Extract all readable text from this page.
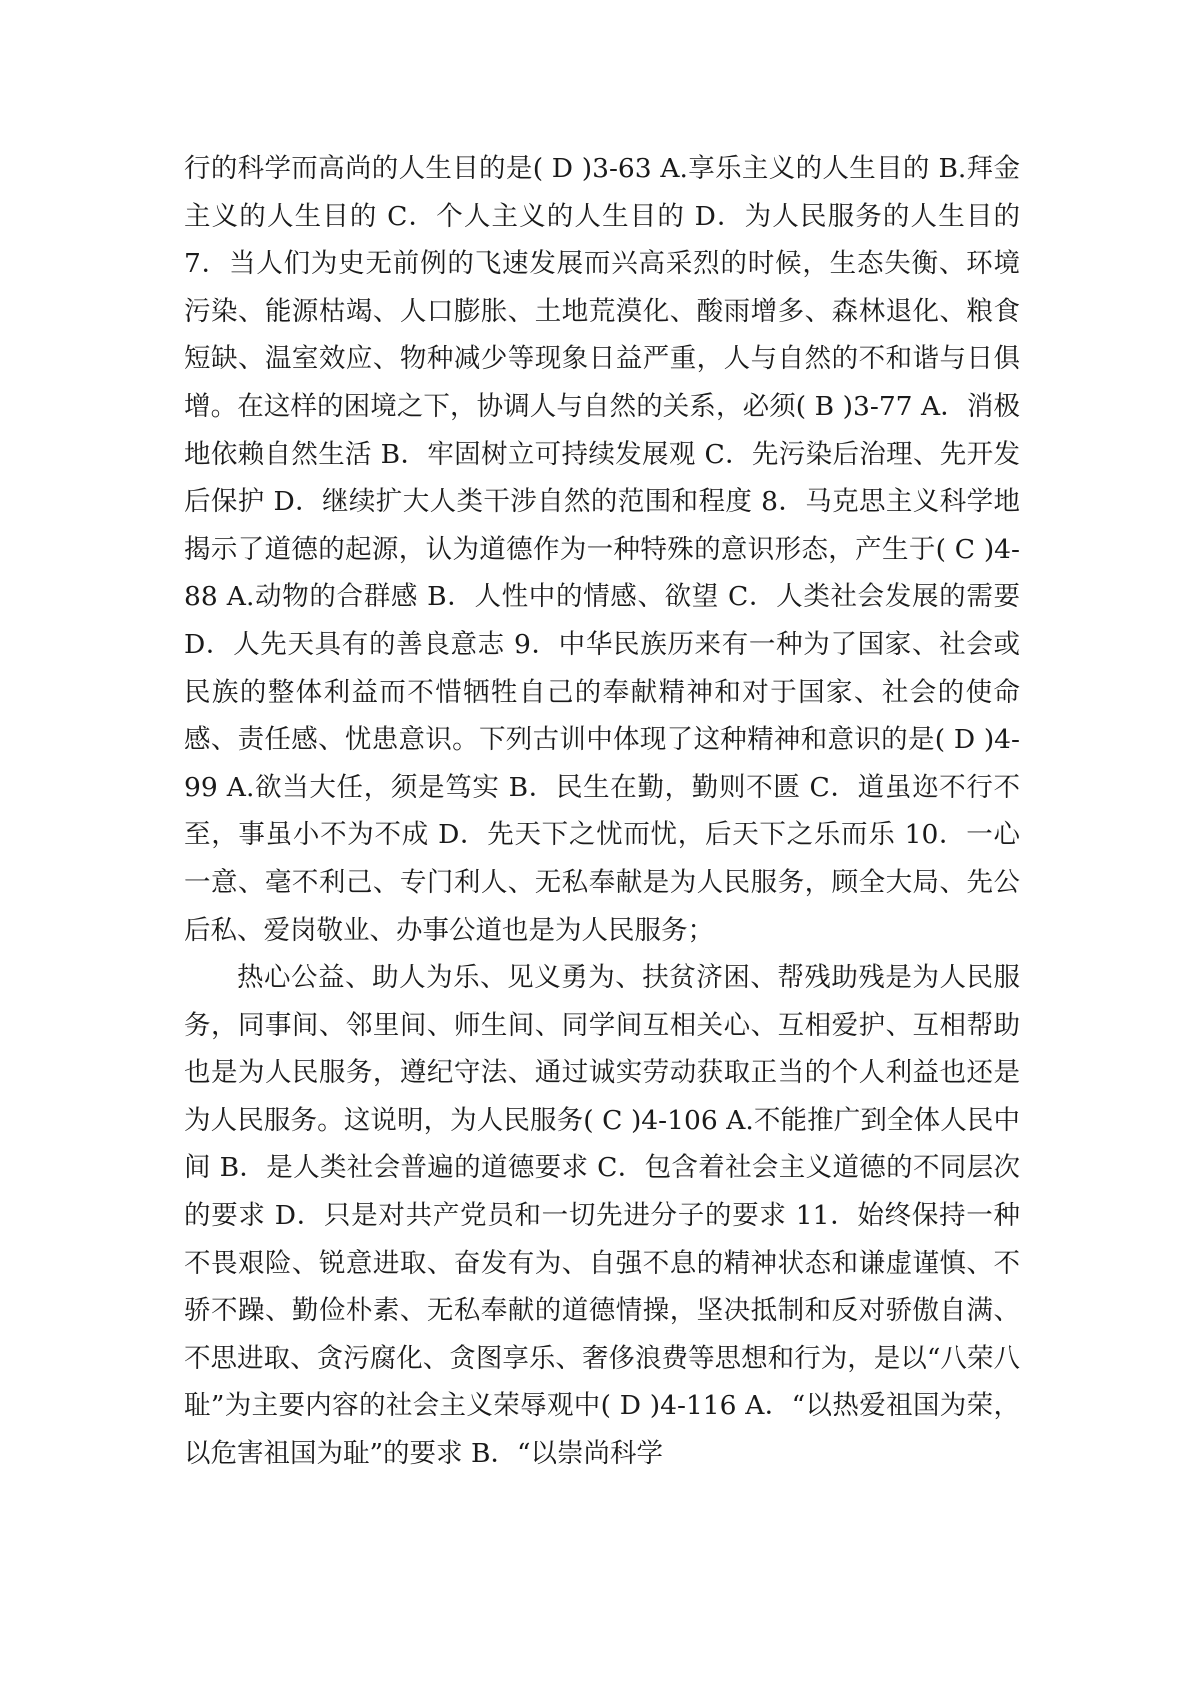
行的科学而高尚的人生目的是( D )3-63 A.享乐主义的人生目的 B.拜金主义的人生目的 C．个人主义的人生目的 D．为人民服务的人生目的 7．当人们为史无前例的飞速发展而兴高采烈的时候，生态失衡、环境污染、能源枯竭、人口膨胀、土地荒漠化、酸雨增多、森林退化、粮食短缺、温室效应、物种减少等现象日益严重，人与自然的不和谐与日俱增。在这样的困境之下，协调人与自然的关系，必须( B )3-77 A．消极地依赖自然生活 B．牢固树立可持续发展观 C．先污染后治理、先开发后保护 D．继续扩大人类干涉自然的范围和程度 8．马克思主义科学地揭示了道德的起源，认为道德作为一种特殊的意识形态，产生于( C )4-88 A.动物的合群感 B．人性中的情感、欲望 C．人类社会发展的需要 D．人先天具有的善良意志 9．中华民族历来有一种为了国家、社会或民族的整体利益而不惜牺牲自己的奉献精神和对于国家、社会的使命感、责任感、忧患意识。下列古训中体现了这种精神和意识的是( D )4-99 A.欲当大任，须是笃实 B．民生在勤，勤则不匮 C．道虽迩不行不至，事虽小不为不成 D．先天下之忧而忧，后天下之乐而乐 10．一心一意、毫不利己、专门利人、无私奉献是为人民服务，顾全大局、先公后私、爱岗敬业、办事公道也是为人民服务；

热心公益、助人为乐、见义勇为、扶贫济困、帮残助残是为人民服务，同事间、邻里间、师生间、同学间互相关心、互相爱护、互相帮助也是为人民服务，遵纪守法、通过诚实劳动获取正当的个人利益也还是为人民服务。这说明，为人民服务( C )4-106 A.不能推广到全体人民中间 B．是人类社会普遍的道德要求 C．包含着社会主义道德的不同层次的要求 D．只是对共产党员和一切先进分子的要求 11．始终保持一种不畏艰险、锐意进取、奋发有为、自强不息的精神状态和谦虚谨慎、不骄不躁、勤俭朴素、无私奉献的道德情操，坚决抵制和反对骄傲自满、不思进取、贪污腐化、贪图享乐、奢侈浪费等思想和行为，是以“八荣八耻”为主要内容的社会主义荣辱观中( D )4-116 A．“以热爱祖国为荣，以危害祖国为耻”的要求 B．“以崇尚科学
